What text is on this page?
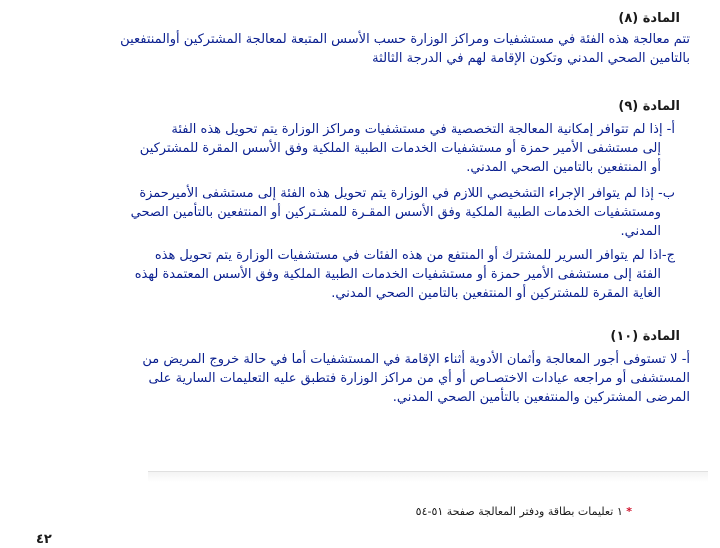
المادة (٨)
تتم معالجة هذه الفئة في مستشفيات ومراكز الوزارة حسب الأسس المتبعة لمعالجة المشتركين أوالمنتفعين
بالتامين الصحي المدني وتكون الإقامة لهم في الدرجة الثالثة
المادة (٩)
أ- إذا لم تتوافر إمكانية المعالجة التخصصية في مستشفيات ومراكز الوزارة يتم تحويل هذه الفئة
إلى مستشفى الأمير حمزة أو مستشفيات الخدمات الطبية الملكية وفق الأسس المقرة للمشتركين
أو المنتفعين بالتامين الصحي المدني.
ب- إذا لم يتوافر الإجراء التشخيصي اللازم في الوزارة يتم تحويل هذه الفئة إلى مستشفى الأميرحمزة
ومستشفيات الخدمات الطبية الملكية وفق الأسس المقـرة للمشـتركين أو المنتفعين بالتأمين الصحي
المدني.
ج-اذا لم يتوافر السرير للمشترك أو المنتفع من هذه الفئات في مستشفيات الوزارة يتم تحويل هذه
الفئة إلى مستشفى الأمير حمزة أو مستشفيات الخدمات الطبية الملكية وفق الأسس المعتمدة لهذه
الغاية المقرة للمشتركين أو المنتفعين بالتامين الصحي المدني.
المادة (١٠)
أ- لا تستوفى أجور المعالجة وأثمان الأدوية أثناء الإقامة في المستشفيات أما في حالة خروج المريض من
المستشفى أو مراجعه عيادات الاختصـاص أو أي من مراكز الوزارة فتطبق عليه التعليمات السارية على
المرضى المشتركين والمنتفعين بالتأمين الصحي المدني.
* ١ تعليمات بطاقة ودفتر المعالجة صفحة ٥١-٥٤
٤٢
